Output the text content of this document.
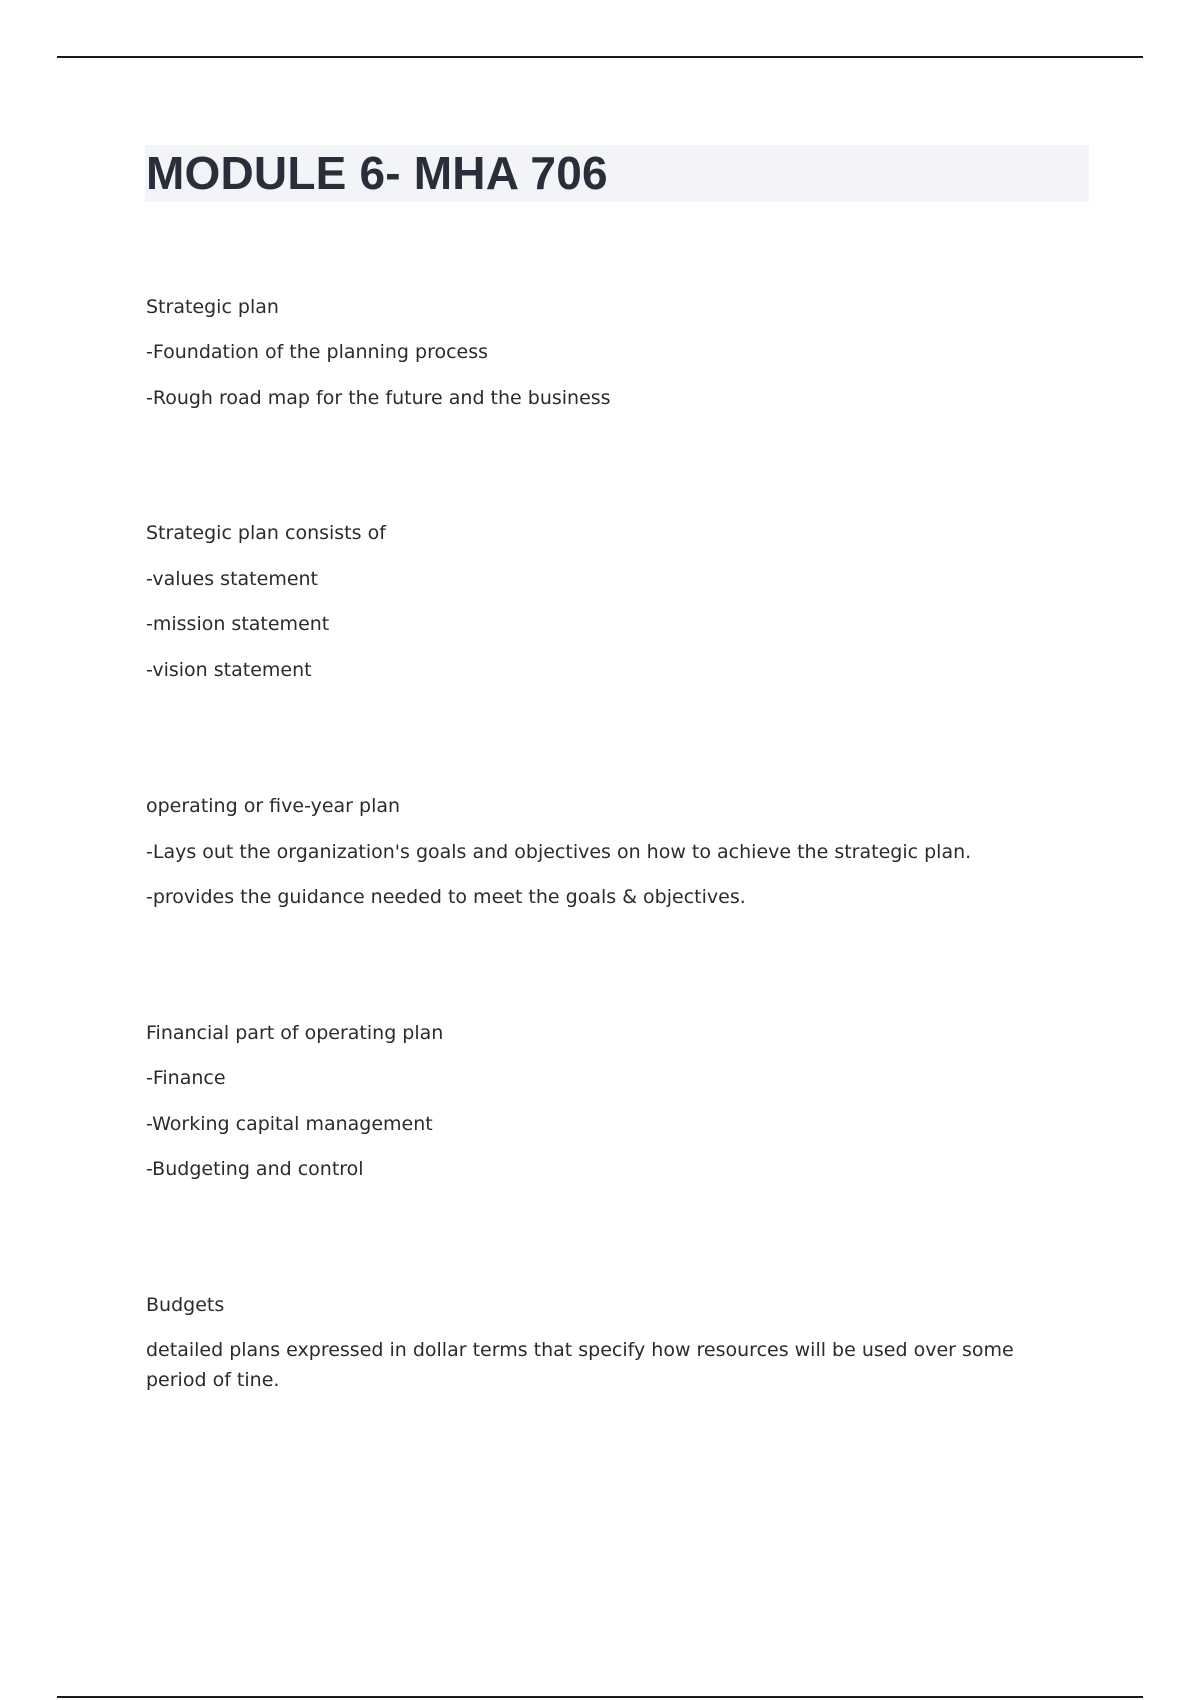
MODULE 6- MHA 706

Strategic plan

-Foundation of the planning process

-Rough road map for the future and the business

Strategic plan consists of

-values statement

-mission statement

-vision statement

operating or five-year plan

-Lays out the organization's goals and objectives on how to achieve the strategic plan.

-provides the guidance needed to meet the goals & objectives.

Financial part of operating plan

-Finance

-Working capital management

-Budgeting and control

Budgets

detailed plans expressed in dollar terms that specify how resources will be used over some period of tine.
